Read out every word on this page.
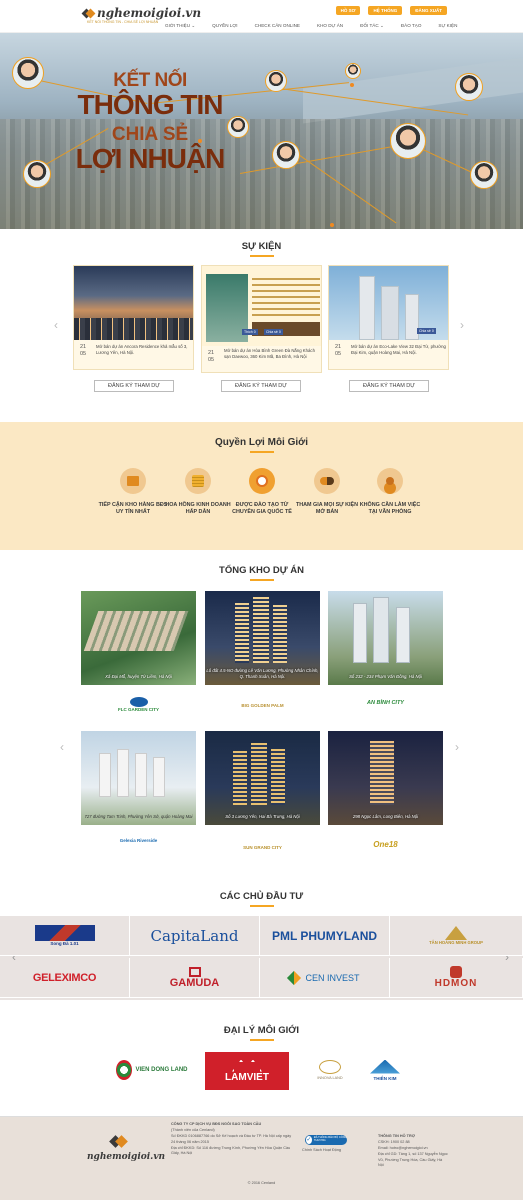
nghemoigioi.vn
KẾT NỐI THÔNG TIN - CHIA SẺ LỢI NHUẬN
HỒ SƠ	HỆ THỐNG	ĐĂNG XUẤT
GIỚI THIỆU ⌄	QUYỀN LỢI	CHECK CĂN ONLINE	KHO DỰ ÁN	ĐỐI TÁC ⌄	ĐÀO TẠO	SỰ KIỆN
KẾT NỐI
THÔNG TIN
CHIA SẺ
LỢI NHUẬN
SỰ KIỆN
‹	›
21
05
Mở bán dự án Ancora Residence khả mẫu số 3, Lương Yên, Hà Nội.
Thích 0	Chia sẻ 0
21
05
Mở bán dự án Hòa Bình Green Đà Nẵng Khách sạn Daewoo, 360 Kim Mã, Ba Đình, Hà Nội
Chia sẻ 0
21
05
Mở bán dự án Eco-Lake View 32 Đại Từ, phường Đại Kim, quận Hoàng Mai, Hà Nội.
ĐĂNG KÝ THAM DỰ	ĐĂNG KÝ THAM DỰ	ĐĂNG KÝ THAM DỰ
Quyền Lợi Môi Giới
TIẾP CẬN KHO HÀNG BĐS UY TÍN NHẤT
HOA HỒNG KINH DOANH HẤP DẪN
ĐƯỢC ĐÀO TẠO TỪ CHUYÊN GIA QUỐC TẾ
THAM GIA MỌI SỰ KIỆN MỞ BÁN
KHÔNG CẦN LÀM VIỆC TẠI VĂN PHÒNG
TỔNG KHO DỰ ÁN
‹	›
Xã Đại Mỗ, huyện Từ Liêm, Hà Nội
Lô đất 4.5-NO đường Lê Văn Lương, Phường Nhân Chính, Q. Thanh Xuân, Hà Nội.	Số 232 - 234 Phạm Văn Đồng, Hà Nội
FLC GARDEN CITY
BIG GOLDEN PALM	AN BÌNH CITY
727 đường Tam Trinh, Phường Yên Sở, quận Hoàng Mai	Số 3 Lương Yên, Hai Bà Trưng, Hà Nội	298 Ngọc Lâm, Long Biên, Hà Nội
Gelexia Riverside
SUN GRAND CITY	One18
CÁC CHỦ ĐẦU TƯ
‹	›
Song Đà 1.01	CapitaLand	PML PHUMYLAND	TÂN HOÀNG MINH GROUP
GELEXIMCO	GAMUDA	CEN INVEST
HDMON
ĐẠI LÝ MÔI GIỚI
VIEN DONG LAND
LAMVIET	INNOVA LAND	THIÊN KIM
nghemoigioi.vn
CÔNG TY CP DỊCH VỤ BĐS NGÔI SAO TOÀN CẦU
(Thành viên của Cenland)
Số ĐKKD 0106887766 do Sở Kế hoạch và Đầu tư TP. Hà Nội cấp ngày 24 tháng 06 năm 2015
Địa chỉ ĐKKD: Số 116 đường Trung Kính, Phường Yên Hòa Quận Cầu Giấy, Hà Nội
✓ ĐÃ THÔNG BÁO BỘ CÔNG THƯƠNG
Chính Sách Hoạt Động
THÔNG TIN HỖ TRỢ
CSKH: 1900 02 88
Email: hotro@nghemoigioi.vn
Địa chỉ GD: Tầng 1, số 137 Nguyễn Ngọc Vũ, Phường Trung Hòa, Cầu Giấy, Hà Nội
© 2016 Cenland
